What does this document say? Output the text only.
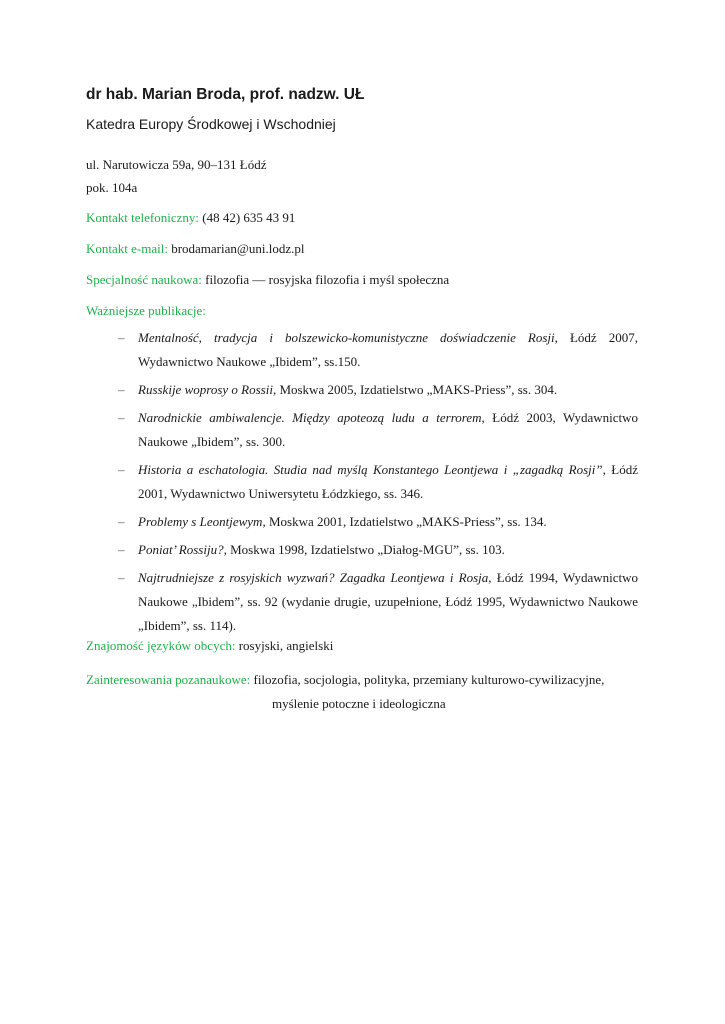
dr hab. Marian Broda, prof. nadzw. UŁ
Katedra Europy Środkowej i Wschodniej
ul. Narutowicza 59a, 90–131 Łódź
pok. 104a
Kontakt telefoniczny: (48 42) 635 43 91
Kontakt e-mail: brodamarian@uni.lodz.pl
Specjalność naukowa: filozofia — rosyjska filozofia i myśl społeczna
Ważniejsze publikacje:
– Mentalność, tradycja i bolszewicko-komunistyczne doświadczenie Rosji, Łódź 2007, Wydawnictwo Naukowe „Ibidem”, ss.150.
– Russkije woprosy o Rossii, Moskwa 2005, Izdatielstwo „MAKS-Priess”, ss. 304.
– Narodnickie ambiwalencje. Między apoteozą ludu a terrorem, Łódź 2003, Wydawnictwo Naukowe „Ibidem”, ss. 300.
– Historia a eschatologia. Studia nad myślą Konstantego Leontjewa i „zagadką Rosji”, Łódź 2001, Wydawnictwo Uniwersytetu Łódzkiego, ss. 346.
– Problemy s Leontjewym, Moskwa 2001, Izdatielstwo „MAKS-Priess”, ss. 134.
– Poniat’ Rossiju?, Moskwa 1998, Izdatielstwo „Diałog-MGU”, ss. 103.
– Najtrudniejsze z rosyjskich wyzwań? Zagadka Leontjewa i Rosja, Łódź 1994, Wydawnictwo Naukowe „Ibidem”, ss. 92 (wydanie drugie, uzupełnione, Łódź 1995, Wydawnictwo Naukowe „Ibidem”, ss. 114).
Znajomość języków obcych: rosyjski, angielski
Zainteresowania pozanaukowe: filozofia, socjologia, polityka, przemiany kulturowo-cywilizacyjne,
myślenie potoczne i ideologiczna
